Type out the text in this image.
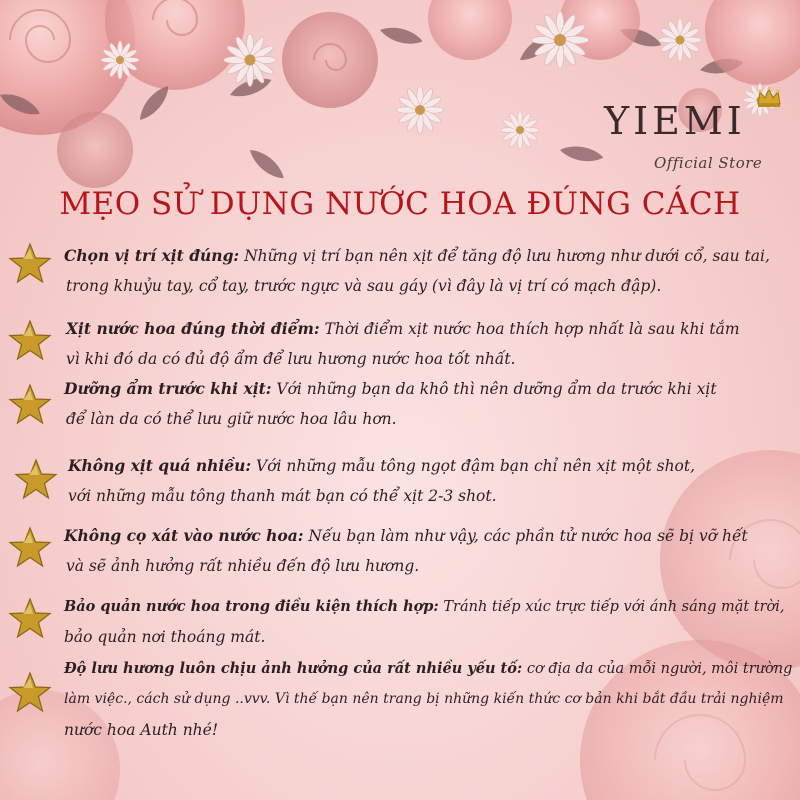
YIEMI
Official Store
MẸO SỬ DỤNG NƯỚC HOA ĐÚNG CÁCH

Chọn vị trí xịt đúng: Những vị trí bạn nên xịt để tăng độ lưu hương như dưới cổ, sau tai,

trong khuỷu tay, cổ tay, trước ngực và sau gáy (vì đây là vị trí có mạch đập).

Xịt nước hoa đúng thời điểm: Thời điểm xịt nước hoa thích hợp nhất là sau khi tắm

vì khi đó da có đủ độ ẩm để lưu hương nước hoa tốt nhất.

Dưỡng ẩm trước khi xịt: Với những bạn da khô thì nên dưỡng ẩm da trước khi xịt

để làn da có thể lưu giữ nước hoa lâu hơn.

Không xịt quá nhiều: Với những mẫu tông ngọt đậm bạn chỉ nên xịt một shot,

với những mẫu tông thanh mát bạn có thể xịt 2-3 shot.

Không cọ xát vào nước hoa: Nếu bạn làm như vậy, các phần tử nước hoa sẽ bị vỡ hết

và sẽ ảnh hưởng rất nhiều đến độ lưu hương.

Bảo quản nước hoa trong điều kiện thích hợp: Tránh tiếp xúc trực tiếp với ánh sáng mặt trời,

bảo quản nơi thoáng mát.

Độ lưu hương luôn chịu ảnh hưởng của rất nhiều yếu tố: cơ địa da của mỗi người, môi trường

làm việc., cách sử dụng ..vvv. Vì thế bạn nên trang bị những kiến thức cơ bản khi bắt đầu trải nghiệm

nước hoa Auth nhé!
